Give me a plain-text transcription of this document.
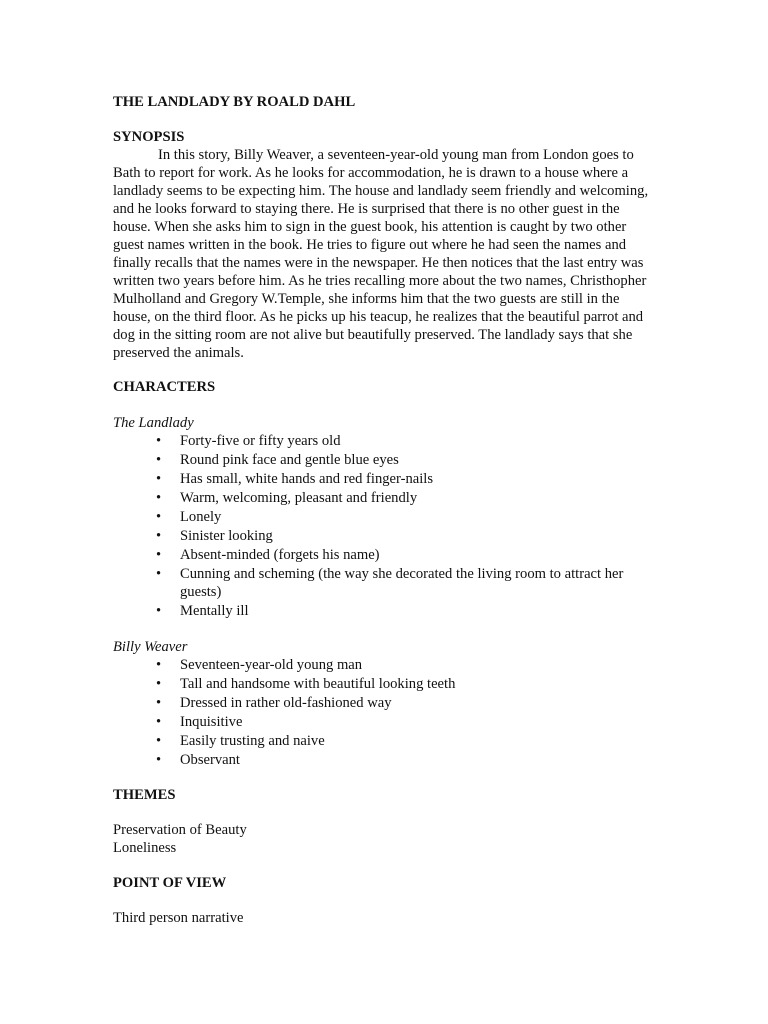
THE LANDLADY BY ROALD DAHL

SYNOPSIS

In this story, Billy Weaver, a seventeen-year-old young man from London goes to Bath to report for work. As he looks for accommodation, he is drawn to a house where a landlady seems to be expecting him. The house and landlady seem friendly and welcoming, and he looks forward to staying there. He is surprised that there is no other guest in the house. When she asks him to sign in the guest book, his attention is caught by two other guest names written in the book. He tries to figure out where he had seen the names and finally recalls that the names were in the newspaper. He then notices that the last entry was written two years before him. As he tries recalling more about the two names, Christhopher Mulholland and Gregory W.Temple, she informs him that the two guests are still in the house, on the third floor. As he picks up his teacup, he realizes that the beautiful parrot and dog in the sitting room are not alive but beautifully preserved. The landlady says that she preserved the animals.

CHARACTERS

The Landlady

• Forty-five or fifty years old
• Round pink face and gentle blue eyes
• Has small, white hands and red finger-nails
• Warm, welcoming, pleasant and friendly
• Lonely
• Sinister looking
• Absent-minded (forgets his name)
• Cunning and scheming (the way she decorated the living room to attract her guests)
• Mentally ill

Billy Weaver

• Seventeen-year-old young man
• Tall and handsome with beautiful looking teeth
• Dressed in rather old-fashioned way
• Inquisitive
• Easily trusting and naive
• Observant

THEMES

Preservation of Beauty
Loneliness

POINT OF VIEW

Third person narrative
